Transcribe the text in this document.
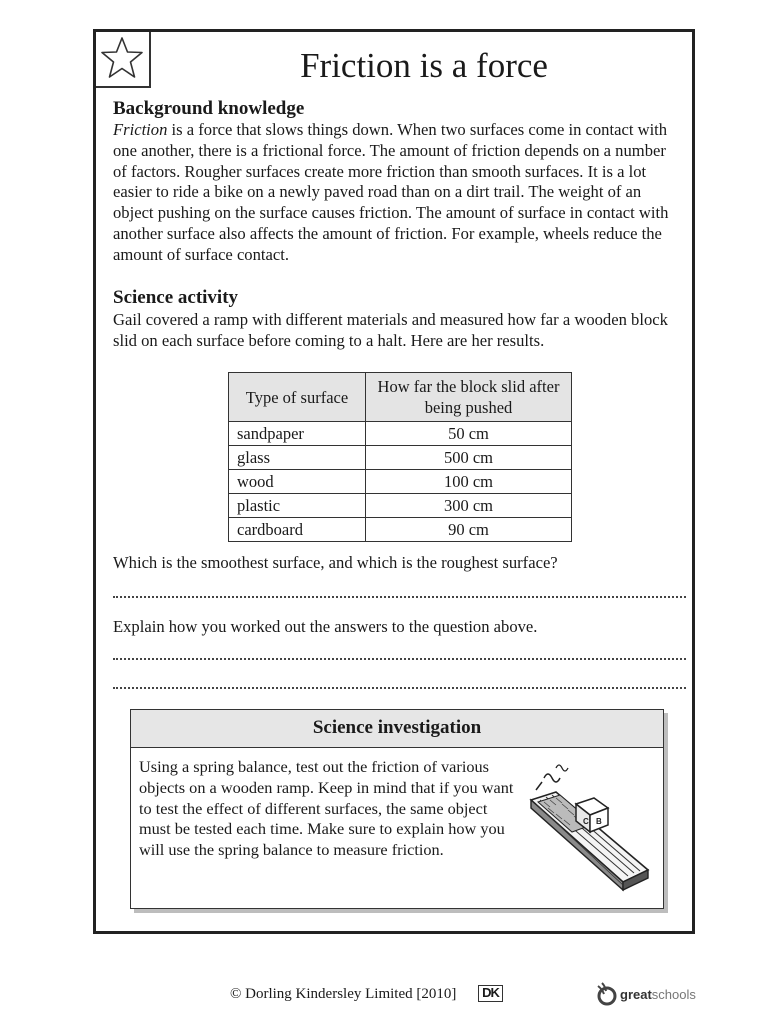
Friction is a force
Background knowledge
Friction is a force that slows things down. When two surfaces come in contact with one another, there is a frictional force. The amount of friction depends on a number of factors. Rougher surfaces create more friction than smooth surfaces. It is a lot easier to ride a bike on a newly paved road than on a dirt trail. The weight of an object pushing on the surface causes friction. The amount of surface in contact with another surface also affects the amount of friction. For example, wheels reduce the amount of surface contact.
Science activity
Gail covered a ramp with different materials and measured how far a wooden block slid on each surface before coming to a halt. Here are her results.
Type of surface	How far the block slid after being pushed
sandpaper	50 cm
glass	500 cm
wood	100 cm
plastic	300 cm
cardboard	90 cm
Which is the smoothest surface, and which is the roughest surface?
Explain how you worked out the answers to the question above.
Science investigation
Using a spring balance, test out the friction of various objects on a wooden ramp. Keep in mind that if you want to test the effect of different surfaces, the same object must be tested each time. Make sure to explain how you will use the spring balance to measure friction.
C B
© Dorling Kindersley Limited [2010]	DK	greatschools
